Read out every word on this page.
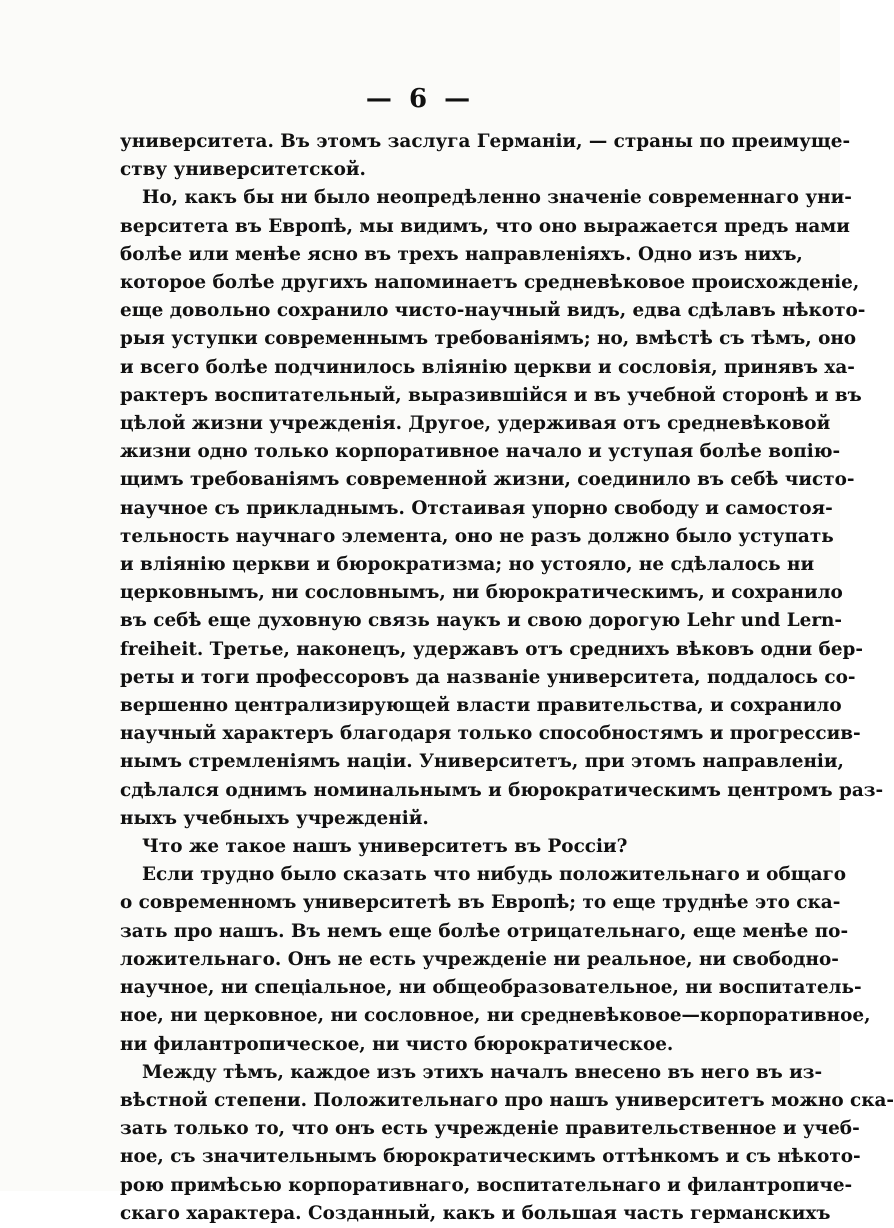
— 6 —
университета. Въ этомъ заслуга Германіи, — страны по преимуще-
ству университетской.
Но, какъ бы ни было неопредѣленно значеніе современнаго уни-
верситета въ Европѣ, мы видимъ, что оно выражается предъ нами
болѣе или менѣе ясно въ трехъ направленіяхъ. Одно изъ нихъ,
которое болѣе другихъ напоминаетъ средневѣковое происхожденіе,
еще довольно сохранило чисто-научный видъ, едва сдѣлавъ нѣкото-
рыя уступки современнымъ требованіямъ; но, вмѣстѣ съ тѣмъ, оно
и всего болѣе подчинилось вліянію церкви и сословія, принявъ ха-
рактеръ воспитательный, выразившійся и въ учебной сторонѣ и въ
цѣлой жизни учрежденія. Другое, удерживая отъ средневѣковой
жизни одно только корпоративное начало и уступая болѣе вопію-
щимъ требованіямъ современной жизни, соединило въ себѣ чисто-
научное съ прикладнымъ. Отстаивая упорно свободу и самостоя-
тельность научнаго элемента, оно не разъ должно было уступать
и вліянію церкви и бюрократизма; но устояло, не сдѣлалось ни
церковнымъ, ни сословнымъ, ни бюрократическимъ, и сохранило
въ себѣ еще духовную связь наукъ и свою дорогую Lehr und Lern-
freiheit. Третье, наконецъ, удержавъ отъ среднихъ вѣковъ одни бер-
реты и тоги профессоровъ да названіе университета, поддалось со-
вершенно централизирующей власти правительства, и сохранило
научный характеръ благодаря только способностямъ и прогрессив-
нымъ стремленіямъ націи. Университетъ, при этомъ направленіи,
сдѣлался однимъ номинальнымъ и бюрократическимъ центромъ раз-
ныхъ учебныхъ учрежденій.
Что же такое нашъ университетъ въ Россіи?
Если трудно было сказать что нибудь положительнаго и общаго
о современномъ университетѣ въ Европѣ; то еще труднѣе это ска-
зать про нашъ. Въ немъ еще болѣе отрицательнаго, еще менѣе по-
ложительнаго. Онъ не есть учрежденіе ни реальное, ни свободно-
научное, ни спеціальное, ни общеобразовательное, ни воспитатель-
ное, ни церковное, ни сословное, ни средневѣковое—корпоративное,
ни филантропическое, ни чисто бюрократическое.
Между тѣмъ, каждое изъ этихъ началъ внесено въ него въ из-
вѣстной степени. Положительнаго про нашъ университетъ можно ска-
зать только то, что онъ есть учрежденіе правительственное и учеб-
ное, съ значительнымъ бюрократическимъ оттѣнкомъ и съ нѣкото-
рою примѣсью корпоративнаго, воспитательнаго и филантропиче-
скаго характера. Созданный, какъ и большая часть германскихъ
